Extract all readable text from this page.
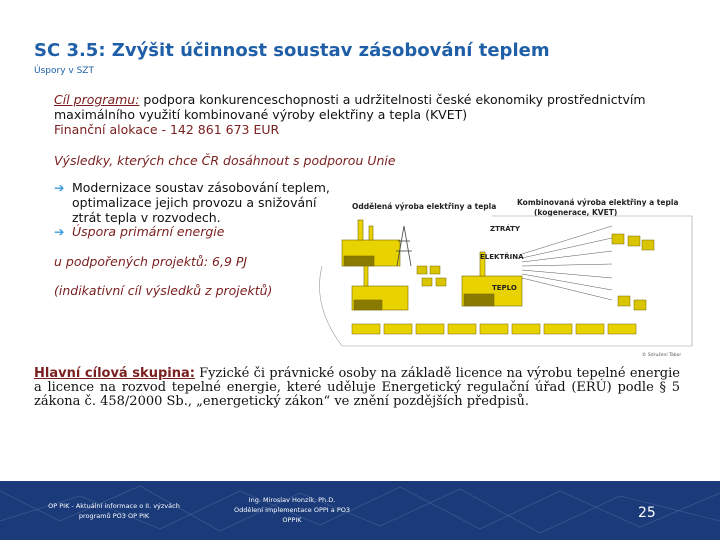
SC 3.5: Zvýšit účinnost soustav zásobování teplem
Úspory v SZT
Cíl programu: podpora konkurenceschopnosti a udržitelnosti české ekonomiky prostřednictvím maximálního využití kombinované výroby elektřiny a tepla (KVET)
Finanční alokace - 142 861 673 EUR
Výsledky, kterých chce ČR dosáhnout s podporou Unie
➔ Modernizace soustav zásobování teplem, optimalizace jejich provozu a snižování ztrát tepla v rozvodech.
➔ Úspora primární energie
u podpořených projektů: 6,9 PJ
(indikativní cíl výsledků z projektů)
Oddělená výroba elektřiny a tepla	Kombinovaná výroba elektřiny a tepla
(kogenerace, KVET)
ZTRÁTY
ELEKTŘINA
TEPLO
© Sdružení Tábor
Hlavní cílová skupina: Fyzické či právnické osoby na základě licence na výrobu tepelné energie a licence na rozvod tepelné energie, které uděluje Energetický regulační úřad (ERÚ) podle § 5 zákona č. 458/2000 Sb., „energetický zákon“ ve znění pozdějších předpisů.
OP PIK - Aktuální informace o II. výzvách programů PO3 OP PIK
Ing. Miroslav Honzík, Ph.D.
Oddělení implementace OPPI a PO3
OPPIK	25
